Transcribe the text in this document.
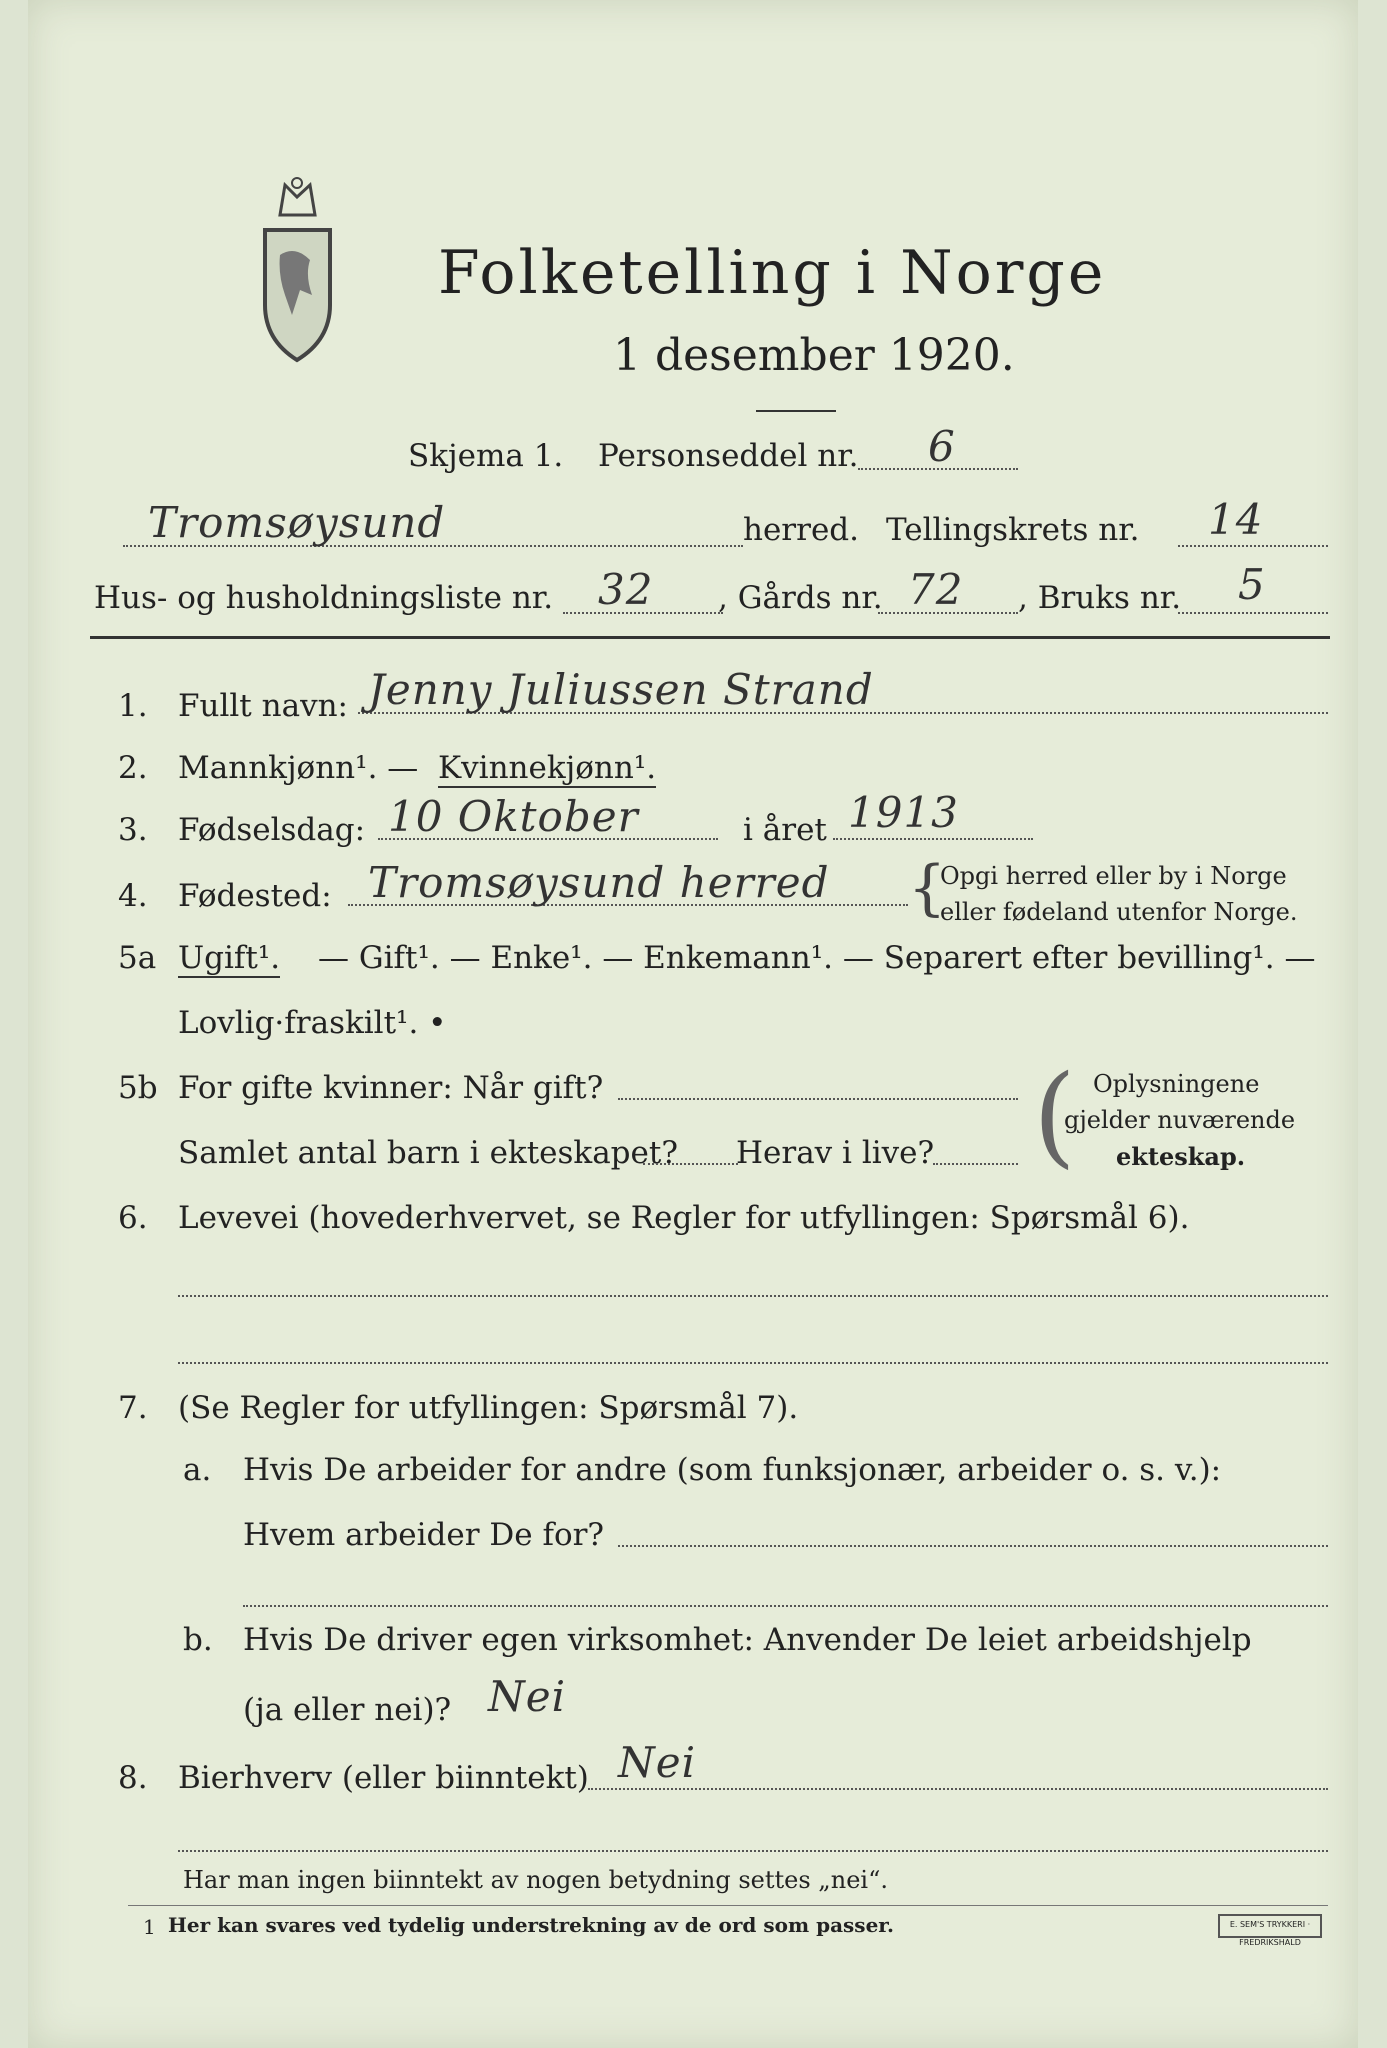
Folketelling i Norge
1 desember 1920.
Skjema 1. Personseddel nr. 6
Tromsøysund	herred. Tellingskrets nr. 14
Hus- og husholdningsliste nr. 32 , Gårds nr. 72 , Bruks nr. 5
1. Fullt navn: Jenny Juliussen Strand
2. Mannkjønn¹. — Kvinnekjønn¹.
3. Fødselsdag: 10 Oktober	i året 1913
4. Fødested: Tromsøysund herred {
Opgi herred eller by i Norge
eller fødeland utenfor Norge.
5a Ugift¹. — Gift¹. — Enke¹. — Enkemann¹. — Separert efter bevilling¹. —
Lovlig·fraskilt¹. •
5b For gifte kvinner: Når gift?
Samlet antal barn i ekteskapet? Herav i live? ( Oplysningene
gjelder nuværende
ekteskap.
6. Levevei (hovederhvervet, se Regler for utfyllingen: Spørsmål 6).
7. (Se Regler for utfyllingen: Spørsmål 7).
a. Hvis De arbeider for andre (som funksjonær, arbeider o. s. v.):
Hvem arbeider De for?
b. Hvis De driver egen virksomhet: Anvender De leiet arbeidshjelp
(ja eller nei)? Nei
8. Bierhverv (eller biinntekt) Nei
Har man ingen biinntekt av nogen betydning settes „nei“.
1 Her kan svares ved tydelig understrekning av de ord som passer.	E. SEM'S TRYKKERI · FREDRIKSHALD
